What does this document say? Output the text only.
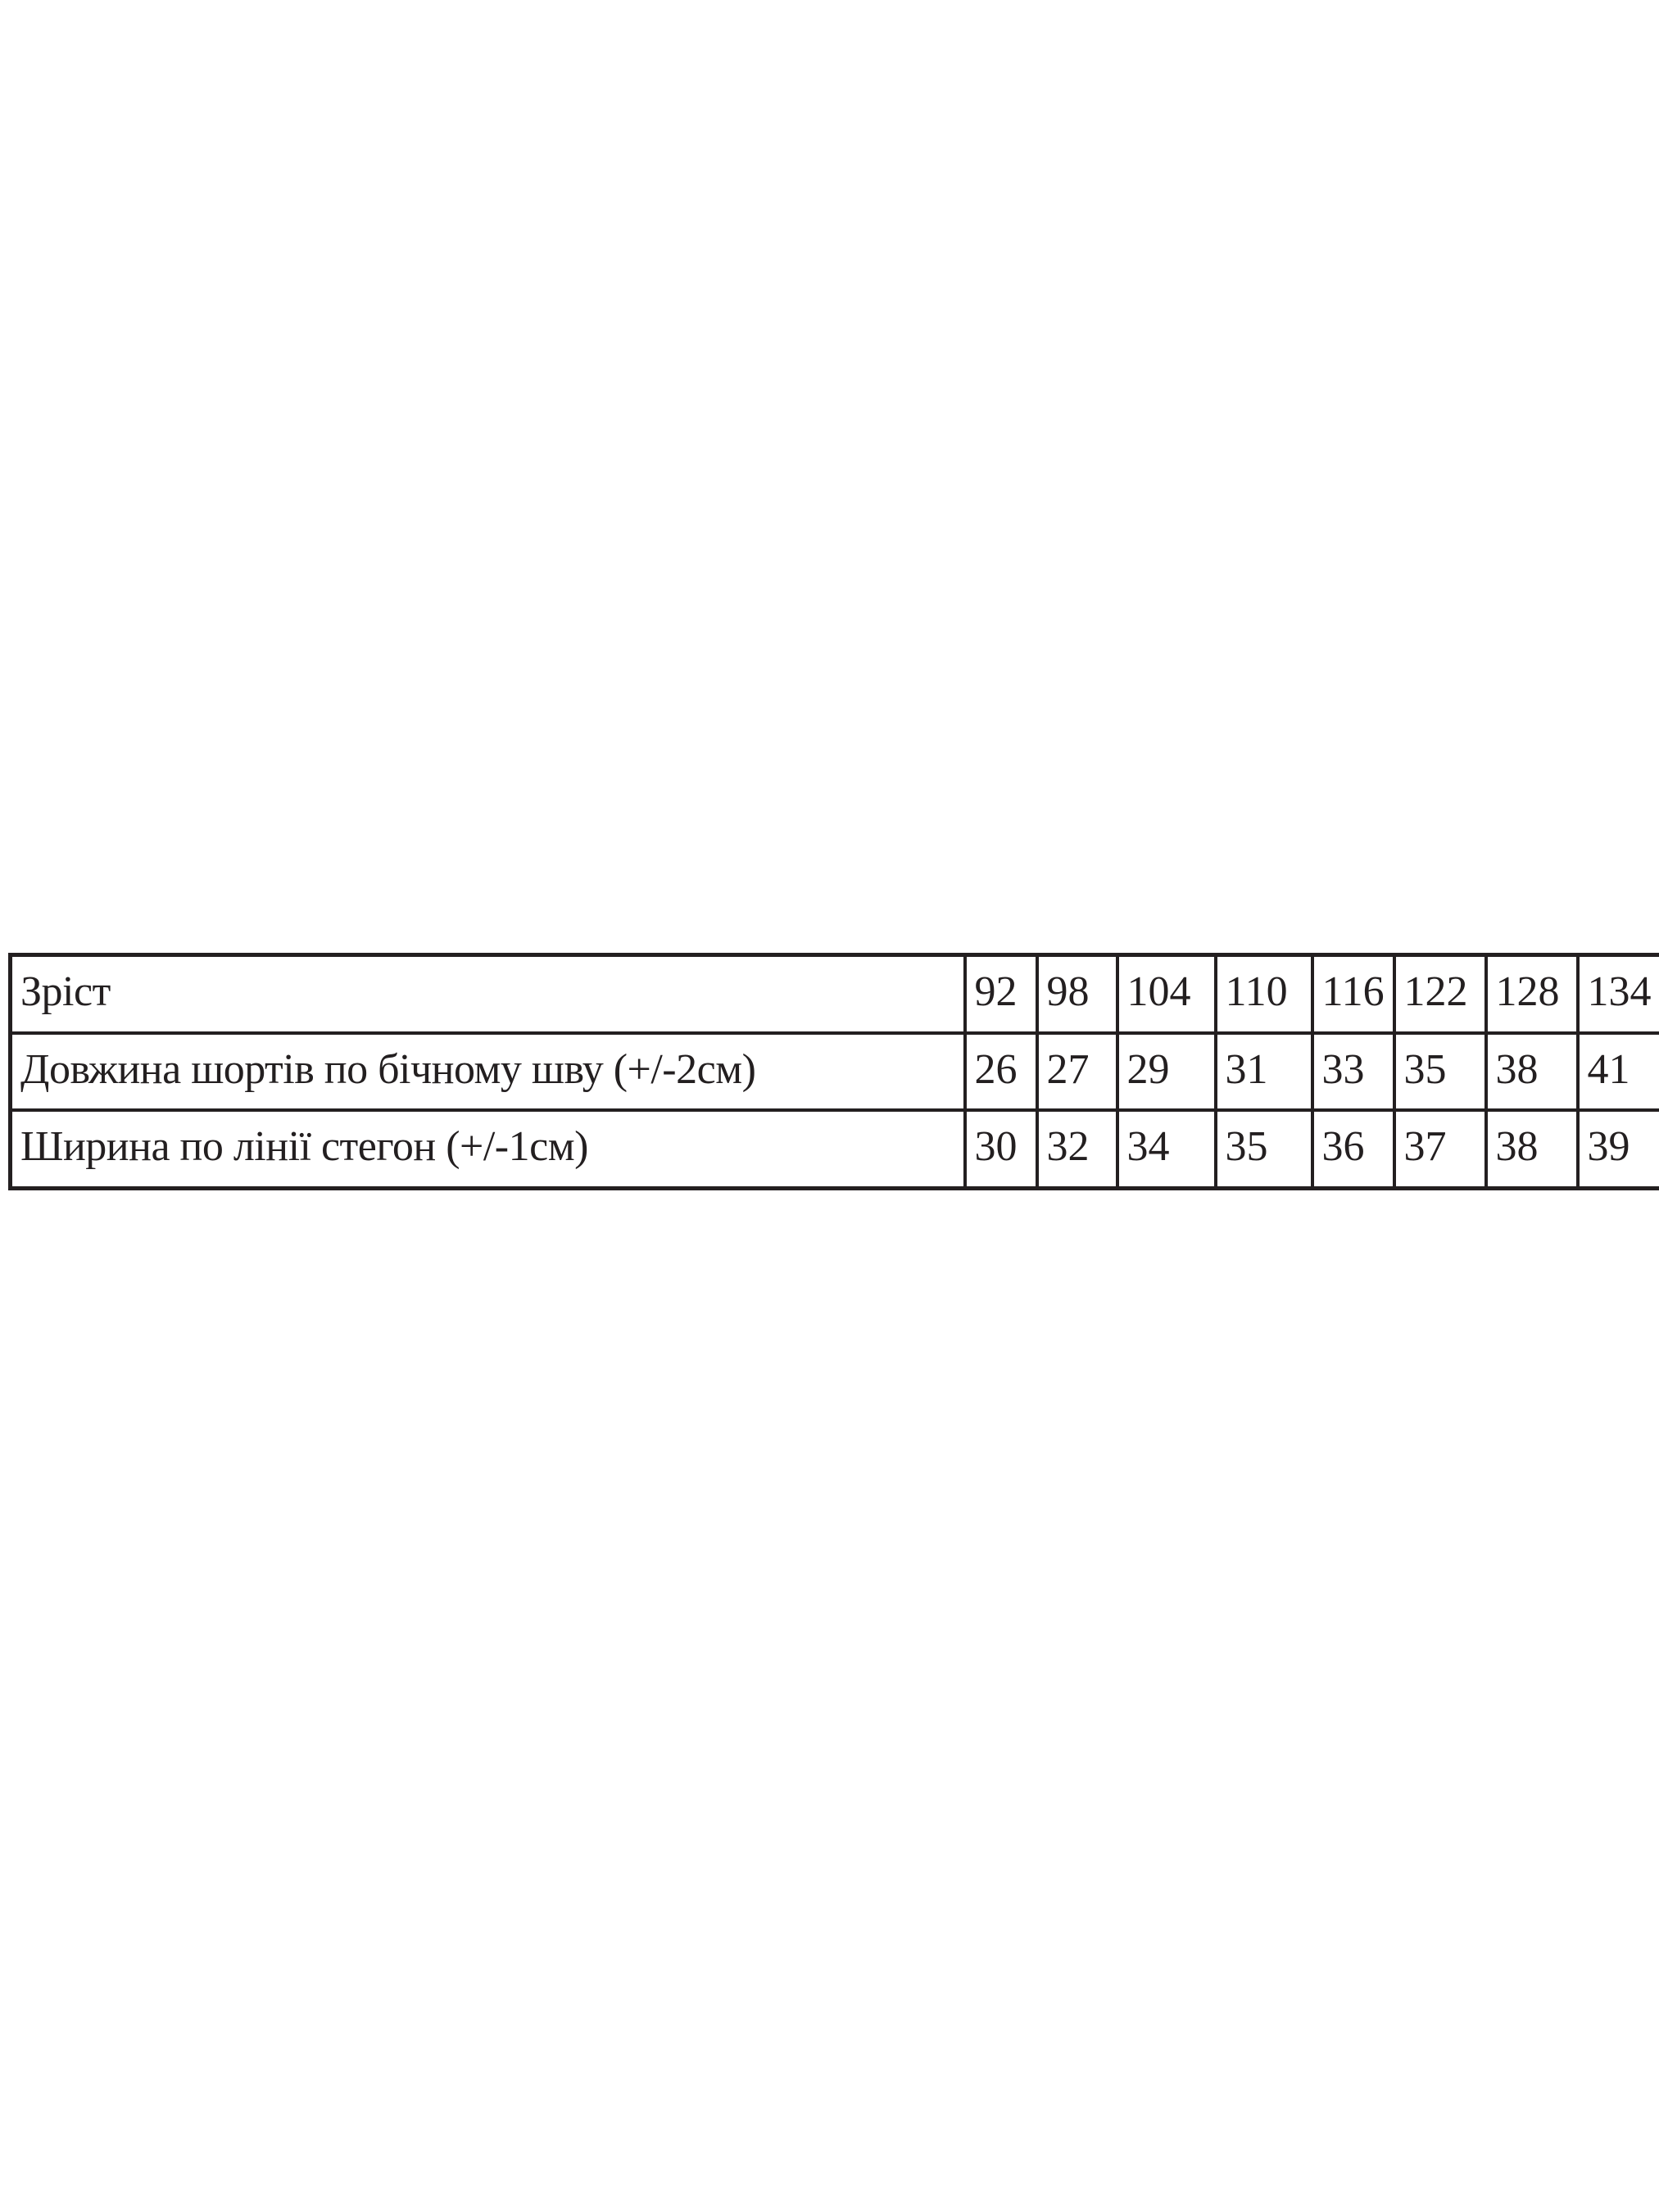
Зріст	92	98	104	110	116	122	128	134
Довжина шортів по бічному шву (+/-2см)	26	27	29	31	33	35	38	41
Ширина по лінії стегон (+/-1см)	30	32	34	35	36	37	38	39
